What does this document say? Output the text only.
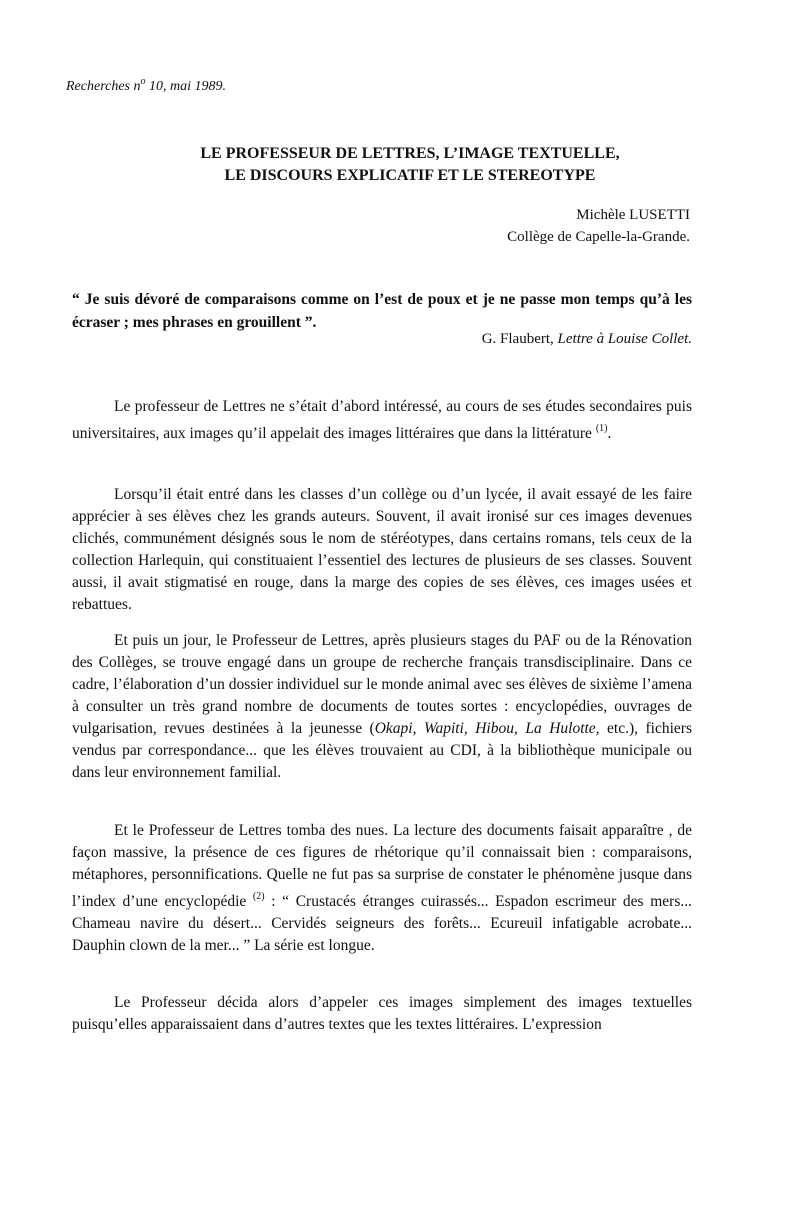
Recherches $n^o$ 10, mai 1989.
LE PROFESSEUR DE LETTRES, L’IMAGE TEXTUELLE,
LE DISCOURS EXPLICATIF ET LE STEREOTYPE
Michèle LUSETTI
Collège de Capelle-la-Grande.
“ Je suis dévoré de comparaisons comme on l’est de poux et je ne passe mon temps qu’à les écraser ; mes phrases en grouillent ”.
G. Flaubert, Lettre à Louise Collet.

Le professeur de Lettres ne s’était d’abord intéressé, au cours de ses études secondaires puis universitaires, aux images qu’il appelait des images littéraires que dans la littérature $^{(1)}$.

Lorsqu’il était entré dans les classes d’un collège ou d’un lycée, il avait essayé de les faire apprécier à ses élèves chez les grands auteurs. Souvent, il avait ironisé sur ces images devenues clichés, communément désignés sous le nom de stéréotypes, dans certains romans, tels ceux de la collection Harlequin, qui constituaient l’essentiel des lectures de plusieurs de ses classes. Souvent aussi, il avait stigmatisé en rouge, dans la marge des copies de ses élèves, ces images usées et rebattues.

Et puis un jour, le Professeur de Lettres, après plusieurs stages du PAF ou de la Rénovation des Collèges, se trouve engagé dans un groupe de recherche français transdisciplinaire. Dans ce cadre, l’élaboration d’un dossier individuel sur le monde animal avec ses élèves de sixième l’amena à consulter un très grand nombre de documents de toutes sortes : encyclopédies, ouvrages de vulgarisation, revues destinées à la jeunesse (Okapi, Wapiti, Hibou, La Hulotte, etc.), fichiers vendus par correspondance... que les élèves trouvaient au CDI, à la bibliothèque municipale ou dans leur environnement familial.

Et le Professeur de Lettres tomba des nues. La lecture des documents faisait apparaître , de façon massive, la présence de ces figures de rhétorique qu’il connaissait bien : comparaisons, métaphores, personnifications. Quelle ne fut pas sa surprise de constater le phénomène jusque dans l’index d’une encyclopédie $^{(2)}$ : “ Crustacés étranges cuirassés... Espadon escrimeur des mers... Chameau navire du désert... Cervidés seigneurs des forêts... Ecureuil infatigable acrobate... Dauphin clown de la mer... ” La série est longue.

Le Professeur décida alors d’appeler ces images simplement des images textuelles puisqu’elles apparaissaient dans d’autres textes que les textes littéraires. L’expression
